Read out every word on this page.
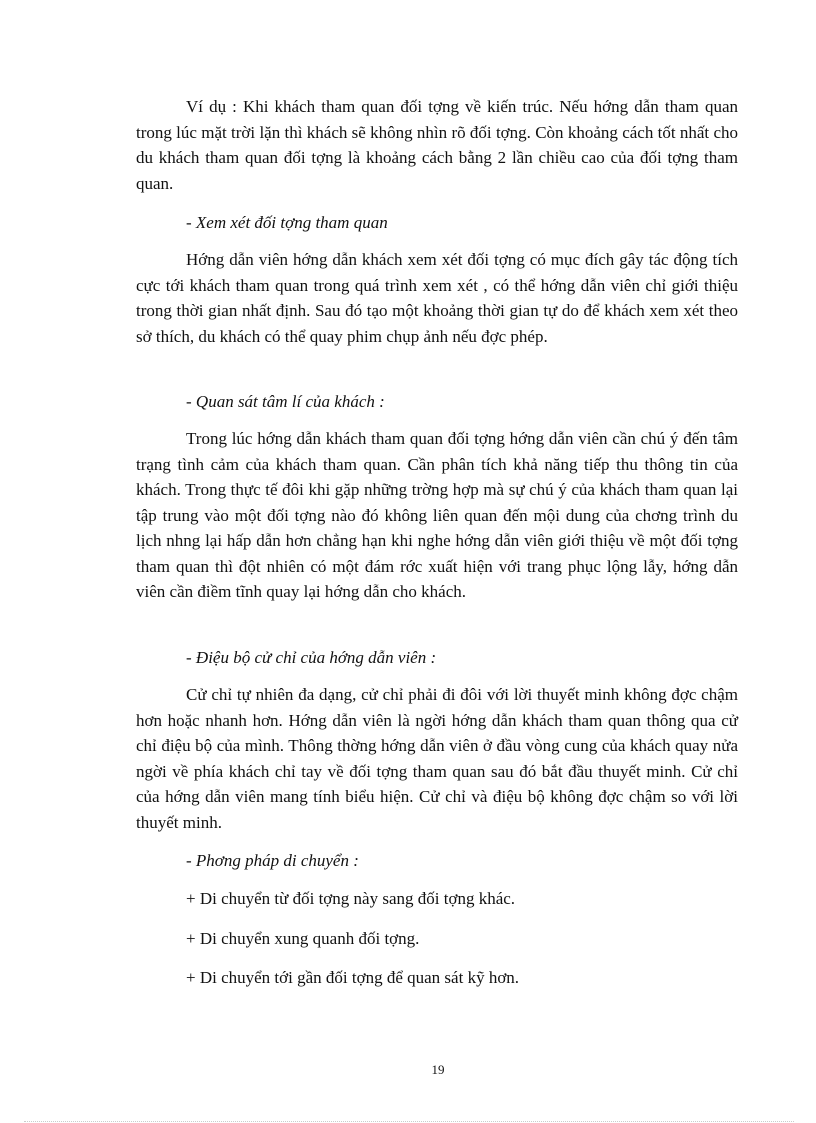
Ví dụ : Khi khách tham quan đối tợng về kiến trúc. Nếu hớng dẫn tham quan trong lúc mặt trời lặn thì khách sẽ không nhìn rõ đối tợng. Còn khoảng cách tốt nhất cho du khách tham quan đối tợng là khoảng cách bằng 2 lần chiều cao của đối tợng tham quan.

- Xem xét đối tợng tham quan

Hớng dẫn viên hớng dẫn khách xem xét đối tợng có mục đích gây tác động tích cực tới khách tham quan trong quá trình xem xét , có thể hớng dẫn viên chỉ giới thiệu trong thời gian nhất định. Sau đó tạo một khoảng thời gian tự do để khách xem xét theo sở thích, du khách có thể quay phim chụp ảnh nếu đợc phép.

- Quan sát tâm lí của khách :

Trong lúc hớng dẫn khách tham quan đối tợng hớng dẫn viên cần chú ý đến tâm trạng tình cảm của khách tham quan. Cần phân tích khả năng tiếp thu thông tin của khách. Trong thực tế đôi khi gặp những trờng hợp mà sự chú ý của khách tham quan lại tập trung vào một đối tợng nào đó không liên quan đến mội dung của chơng trình du lịch nhng lại hấp dẫn hơn chẳng hạn khi nghe hớng dẫn viên giới thiệu về một đối tợng tham quan thì đột nhiên có một đám rớc xuất hiện với trang phục lộng lẫy, hớng dẫn viên cần điềm tĩnh quay lại hớng dẫn cho khách.

- Điệu bộ cử chỉ của hớng dẫn viên :

Cử chỉ tự nhiên đa dạng, cử chỉ phải đi đôi với lời thuyết minh không đợc chậm hơn hoặc nhanh hơn. Hớng dẫn viên là ngời hớng dẫn khách tham quan thông qua cử chỉ điệu bộ của mình. Thông thờng hớng dẫn viên ở đầu vòng cung của khách quay nửa ngời về phía khách chỉ tay về đối tợng tham quan sau đó bắt đầu thuyết minh. Cử chỉ của hớng dẫn viên mang tính biểu hiện. Cử chỉ và điệu bộ không đợc chậm so với lời thuyết minh.

- Phơng pháp di chuyển :

+ Di chuyển từ đối tợng này sang đối tợng khác.

+ Di chuyển xung quanh đối tợng.

+ Di chuyển tới gần đối tợng để quan sát kỹ hơn.

19
